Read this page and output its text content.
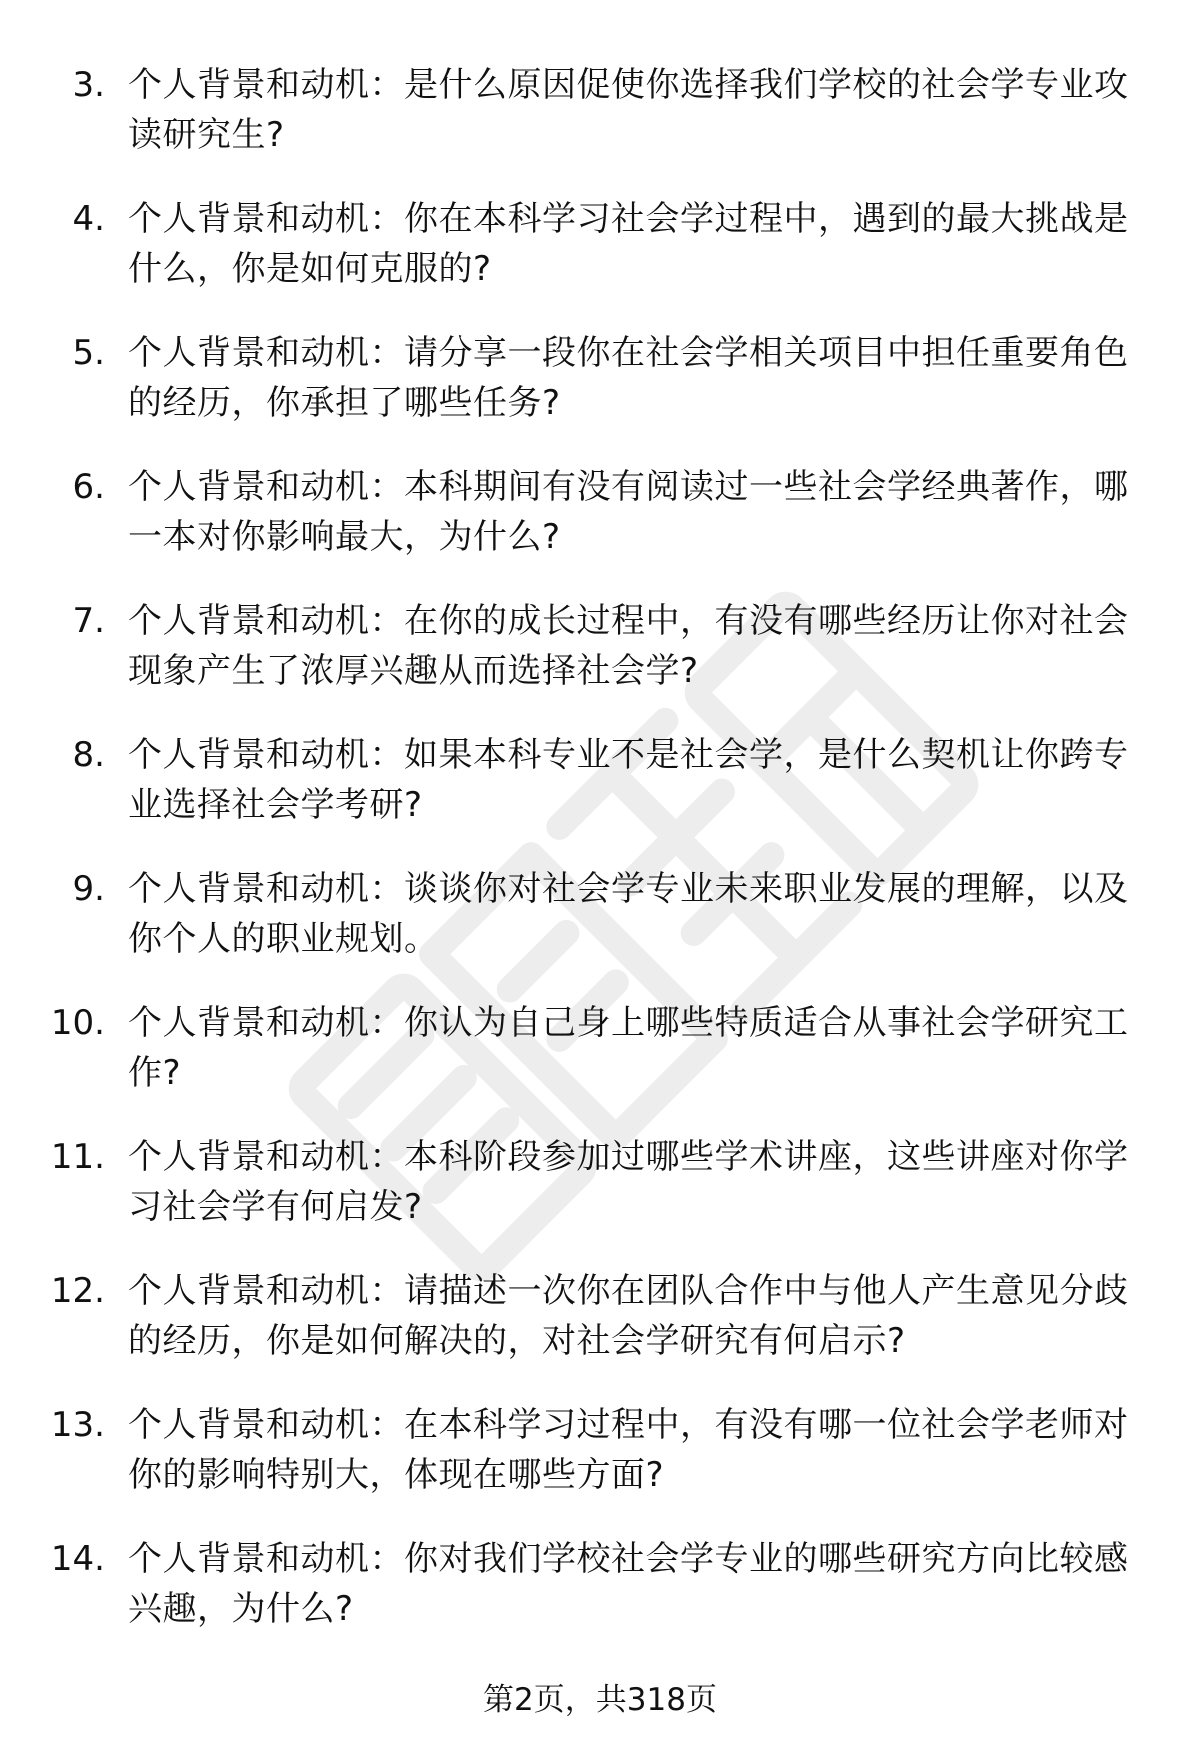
3. 个人背景和动机：是什么原因促使你选择我们学校的社会学专业攻读研究生?

4. 个人背景和动机：你在本科学习社会学过程中，遇到的最大挑战是什么，你是如何克服的?

5. 个人背景和动机：请分享一段你在社会学相关项目中担任重要角色的经历，你承担了哪些任务?

6. 个人背景和动机：本科期间有没有阅读过一些社会学经典著作，哪一本对你影响最大，为什么?

7. 个人背景和动机：在你的成长过程中，有没有哪些经历让你对社会现象产生了浓厚兴趣从而选择社会学?

8. 个人背景和动机：如果本科专业不是社会学，是什么契机让你跨专业选择社会学考研?

9. 个人背景和动机：谈谈你对社会学专业未来职业发展的理解，以及你个人的职业规划。

10. 个人背景和动机：你认为自己身上哪些特质适合从事社会学研究工作?

11. 个人背景和动机：本科阶段参加过哪些学术讲座，这些讲座对你学习社会学有何启发?

12. 个人背景和动机：请描述一次你在团队合作中与他人产生意见分歧的经历，你是如何解决的，对社会学研究有何启示?

13. 个人背景和动机：在本科学习过程中，有没有哪一位社会学老师对你的影响特别大，体现在哪些方面?

14. 个人背景和动机：你对我们学校社会学专业的哪些研究方向比较感兴趣，为什么?

第2页，共318页
